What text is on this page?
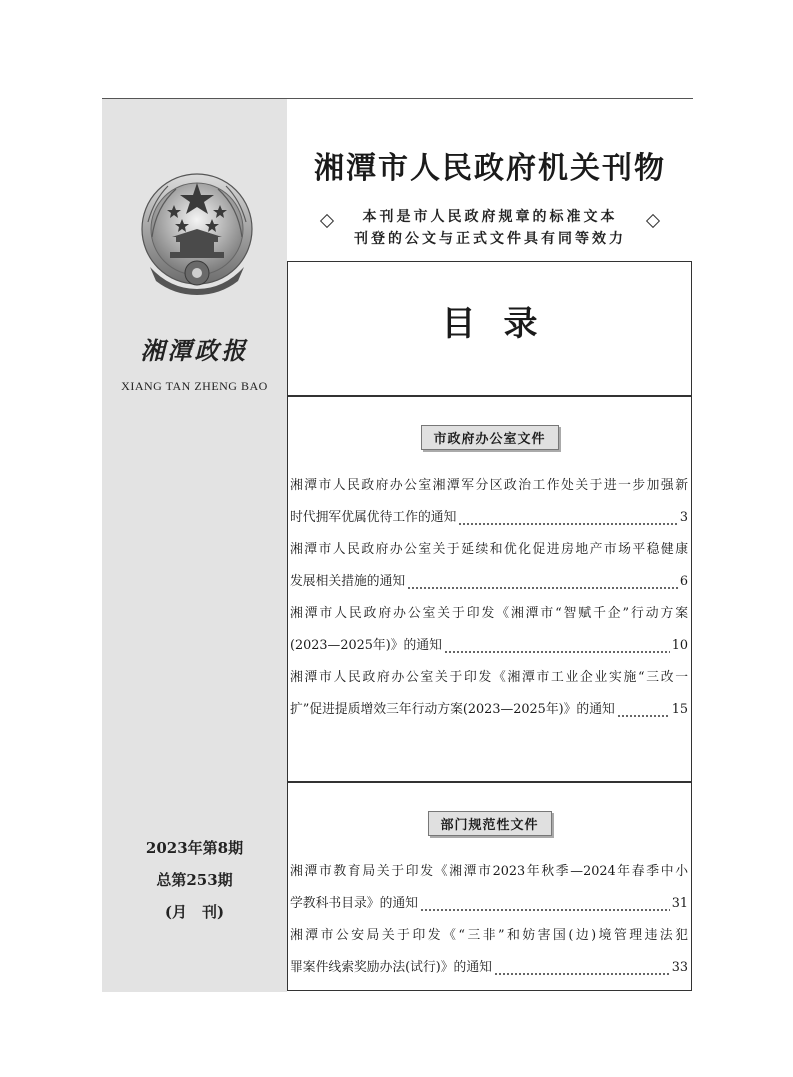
湘潭政报
XIANG TAN ZHENG BAO
2023年第8期
总第253期
(月　刊)
湘潭市人民政府机关刊物
本刊是市人民政府规章的标准文本
刊登的公文与正式文件具有同等效力
目录
市政府办公室文件
湘潭市人民政府办公室湘潭军分区政治工作处关于进一步加强新
时代拥军优属优待工作的通知	3
湘潭市人民政府办公室关于延续和优化促进房地产市场平稳健康
发展相关措施的通知	6
湘潭市人民政府办公室关于印发《湘潭市“智赋千企”行动方案
(2023—2025年)》的通知	10
湘潭市人民政府办公室关于印发《湘潭市工业企业实施“三改一
扩”促进提质增效三年行动方案(2023—2025年)》的通知	15
部门规范性文件
湘潭市教育局关于印发《湘潭市2023年秋季—2024年春季中小
学教科书目录》的通知	31
湘潭市公安局关于印发《“三非”和妨害国(边)境管理违法犯
罪案件线索奖励办法(试行)》的通知	33
